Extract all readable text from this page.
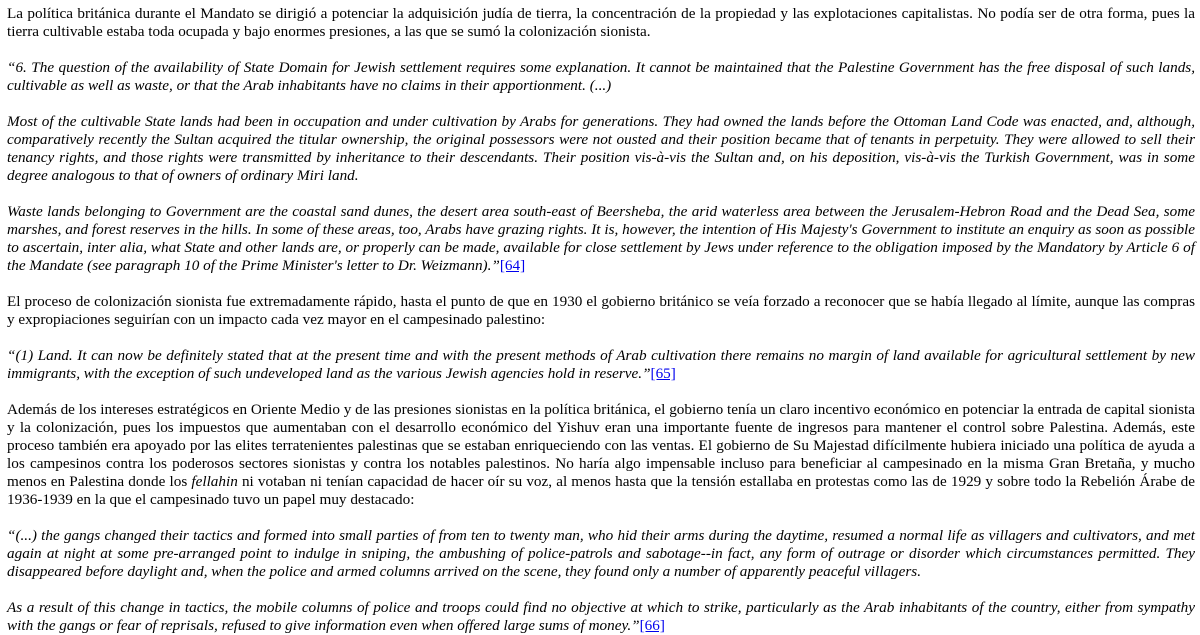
La política británica durante el Mandato se dirigió a potenciar la adquisición judía de tierra, la concentración de la propiedad y las explotaciones capitalistas. No podía ser de otra forma, pues la tierra cultivable estaba toda ocupada y bajo enormes presiones, a las que se sumó la colonización sionista.

“6. The question of the availability of State Domain for Jewish settlement requires some explanation. It cannot be maintained that the Palestine Government has the free disposal of such lands, cultivable as well as waste, or that the Arab inhabitants have no claims in their apportionment. (...)

Most of the cultivable State lands had been in occupation and under cultivation by Arabs for generations. They had owned the lands before the Ottoman Land Code was enacted, and, although, comparatively recently the Sultan acquired the titular ownership, the original possessors were not ousted and their position became that of tenants in perpetuity. They were allowed to sell their tenancy rights, and those rights were transmitted by inheritance to their descendants. Their position vis-à-vis the Sultan and, on his deposition, vis-à-vis the Turkish Government, was in some degree analogous to that of owners of ordinary Miri land.

Waste lands belonging to Government are the coastal sand dunes, the desert area south-east of Beersheba, the arid waterless area between the Jerusalem-Hebron Road and the Dead Sea, some marshes, and forest reserves in the hills. In some of these areas, too, Arabs have grazing rights. It is, however, the intention of His Majesty's Government to institute an enquiry as soon as possible to ascertain, inter alia, what State and other lands are, or properly can be made, available for close settlement by Jews under reference to the obligation imposed by the Mandatory by Article 6 of the Mandate (see paragraph 10 of the Prime Minister's letter to Dr. Weizmann).”[64]

El proceso de colonización sionista fue extremadamente rápido, hasta el punto de que en 1930 el gobierno británico se veía forzado a reconocer que se había llegado al límite, aunque las compras y expropiaciones seguirían con un impacto cada vez mayor en el campesinado palestino:

“(1) Land. It can now be definitely stated that at the present time and with the present methods of Arab cultivation there remains no margin of land available for agricultural settlement by new immigrants, with the exception of such undeveloped land as the various Jewish agencies hold in reserve.”[65]

Además de los intereses estratégicos en Oriente Medio y de las presiones sionistas en la política británica, el gobierno tenía un claro incentivo económico en potenciar la entrada de capital sionista y la colonización, pues los impuestos que aumentaban con el desarrollo económico del Yishuv eran una importante fuente de ingresos para mantener el control sobre Palestina. Además, este proceso también era apoyado por las elites terratenientes palestinas que se estaban enriqueciendo con las ventas. El gobierno de Su Majestad difícilmente hubiera iniciado una política de ayuda a los campesinos contra los poderosos sectores sionistas y contra los notables palestinos. No haría algo impensable incluso para beneficiar al campesinado en la misma Gran Bretaña, y mucho menos en Palestina donde los fellahin ni votaban ni tenían capacidad de hacer oír su voz, al menos hasta que la tensión estallaba en protestas como las de 1929 y sobre todo la Rebelión Árabe de 1936-1939 en la que el campesinado tuvo un papel muy destacado:

“(...) the gangs changed their tactics and formed into small parties of from ten to twenty man, who hid their arms during the daytime, resumed a normal life as villagers and cultivators, and met again at night at some pre-arranged point to indulge in sniping, the ambushing of police-patrols and sabotage--in fact, any form of outrage or disorder which circumstances permitted. They disappeared before daylight and, when the police and armed columns arrived on the scene, they found only a number of apparently peaceful villagers.

As a result of this change in tactics, the mobile columns of police and troops could find no objective at which to strike, particularly as the Arab inhabitants of the country, either from sympathy with the gangs or fear of reprisals, refused to give information even when offered large sums of money.”[66]
